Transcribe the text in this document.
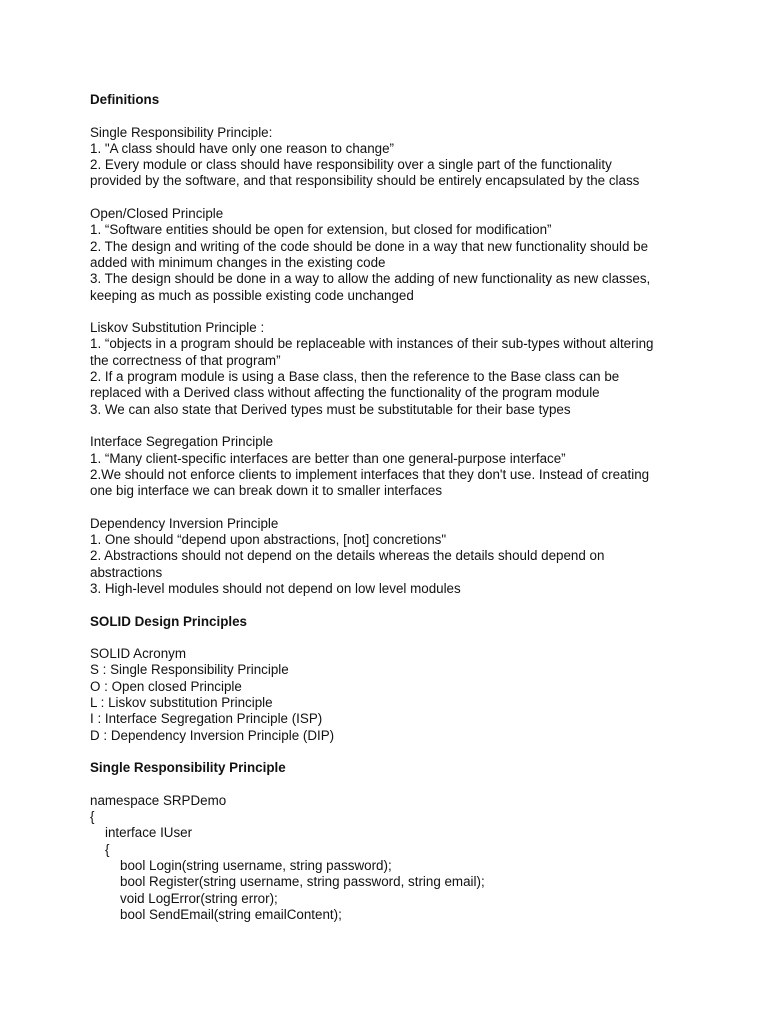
Definitions
Single Responsibility Principle:
1. "A class should have only one reason to change”
2. Every module or class should have responsibility over a single part of the functionality
provided by the software, and that responsibility should be entirely encapsulated by the class
Open/Closed Principle
1. “Software entities should be open for extension, but closed for modification”
2. The design and writing of the code should be done in a way that new functionality should be
added with minimum changes in the existing code
3. The design should be done in a way to allow the adding of new functionality as new classes,
keeping as much as possible existing code unchanged
Liskov Substitution Principle :
1. “objects in a program should be replaceable with instances of their sub-types without altering
the correctness of that program”
2. If a program module is using a Base class, then the reference to the Base class can be
replaced with a Derived class without affecting the functionality of the program module
3. We can also state that Derived types must be substitutable for their base types
Interface Segregation Principle
1. “Many client-specific interfaces are better than one general-purpose interface”
2.We should not enforce clients to implement interfaces that they don't use. Instead of creating
one big interface we can break down it to smaller interfaces
Dependency Inversion Principle
1. One should “depend upon abstractions, [not] concretions"
2. Abstractions should not depend on the details whereas the details should depend on
abstractions
3. High-level modules should not depend on low level modules
SOLID Design Principles
SOLID Acronym
S : Single Responsibility Principle
O : Open closed Principle
L : Liskov substitution Principle
I : Interface Segregation Principle (ISP)
D : Dependency Inversion Principle (DIP)
Single Responsibility Principle
namespace SRPDemo
{
interface IUser
{
bool Login(string username, string password);
bool Register(string username, string password, string email);
void LogError(string error);
bool SendEmail(string emailContent);
